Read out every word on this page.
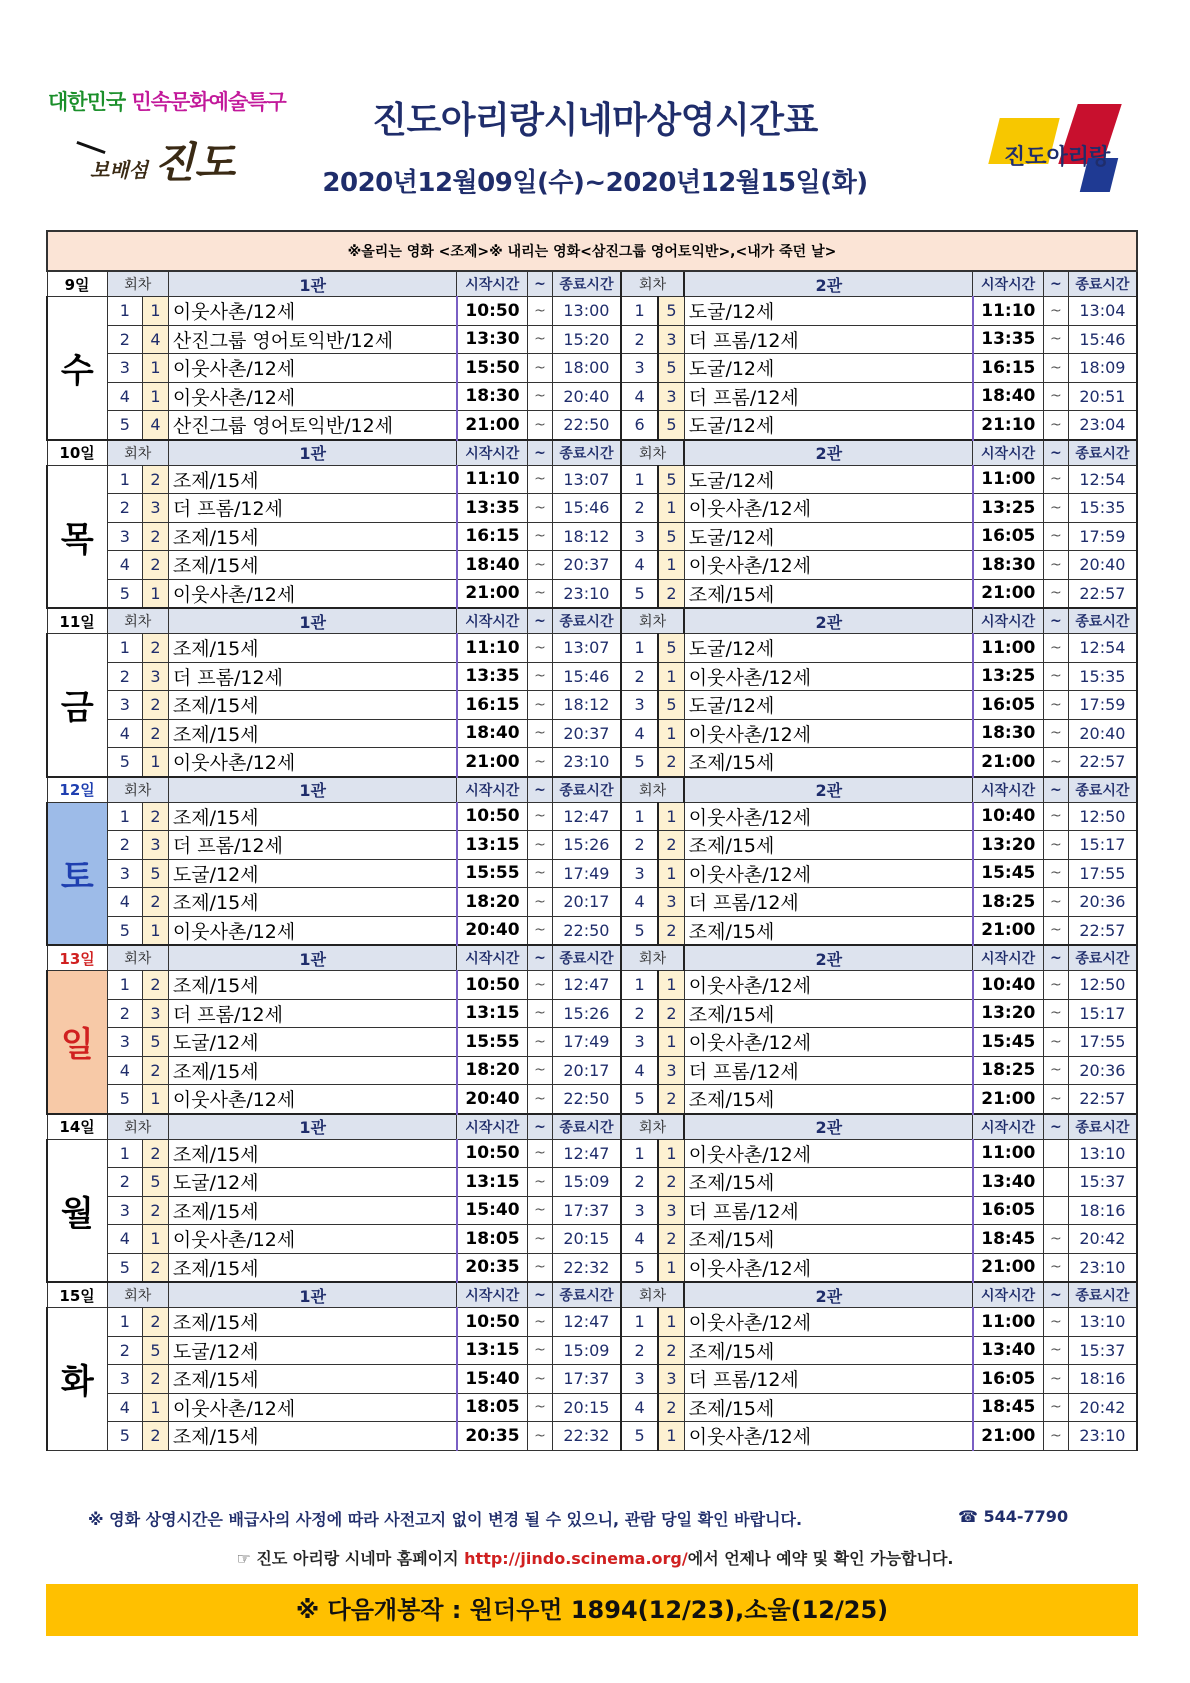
대한민국 민속문화예술특구
보배섬 진도
진도아리랑시네마상영시간표
2020년12월09일(수)~2020년12월15일(화)
진도아리랑
※올리는 영화 <조제>※ 내리는 영화<삼진그룹 영어토익반>,<내가 죽던 날>												
9일	회차		1관	시작시간	~	종료시간	회차		2관	시작시간	~	종료시간
수	1	1	이웃사촌/12세	10:50	~	13:00	1	5	도굴/12세	11:10	~	13:04
	2	4	산진그룹 영어토익반/12세	13:30	~	15:20	2	3	더 프롬/12세	13:35	~	15:46
	3	1	이웃사촌/12세	15:50	~	18:00	3	5	도굴/12세	16:15	~	18:09
	4	1	이웃사촌/12세	18:30	~	20:40	4	3	더 프롬/12세	18:40	~	20:51
	5	4	산진그룹 영어토익반/12세	21:00	~	22:50	6	5	도굴/12세	21:10	~	23:04
10일	회차		1관	시작시간	~	종료시간	회차		2관	시작시간	~	종료시간
목	1	2	조제/15세	11:10	~	13:07	1	5	도굴/12세	11:00	~	12:54
	2	3	더 프롬/12세	13:35	~	15:46	2	1	이웃사촌/12세	13:25	~	15:35
	3	2	조제/15세	16:15	~	18:12	3	5	도굴/12세	16:05	~	17:59
	4	2	조제/15세	18:40	~	20:37	4	1	이웃사촌/12세	18:30	~	20:40
	5	1	이웃사촌/12세	21:00	~	23:10	5	2	조제/15세	21:00	~	22:57
11일	회차		1관	시작시간	~	종료시간	회차		2관	시작시간	~	종료시간
금	1	2	조제/15세	11:10	~	13:07	1	5	도굴/12세	11:00	~	12:54
	2	3	더 프롬/12세	13:35	~	15:46	2	1	이웃사촌/12세	13:25	~	15:35
	3	2	조제/15세	16:15	~	18:12	3	5	도굴/12세	16:05	~	17:59
	4	2	조제/15세	18:40	~	20:37	4	1	이웃사촌/12세	18:30	~	20:40
	5	1	이웃사촌/12세	21:00	~	23:10	5	2	조제/15세	21:00	~	22:57
12일	회차		1관	시작시간	~	종료시간	회차		2관	시작시간	~	종료시간
토	1	2	조제/15세	10:50	~	12:47	1	1	이웃사촌/12세	10:40	~	12:50
	2	3	더 프롬/12세	13:15	~	15:26	2	2	조제/15세	13:20	~	15:17
	3	5	도굴/12세	15:55	~	17:49	3	1	이웃사촌/12세	15:45	~	17:55
	4	2	조제/15세	18:20	~	20:17	4	3	더 프롬/12세	18:25	~	20:36
	5	1	이웃사촌/12세	20:40	~	22:50	5	2	조제/15세	21:00	~	22:57
13일	회차		1관	시작시간	~	종료시간	회차		2관	시작시간	~	종료시간
일	1	2	조제/15세	10:50	~	12:47	1	1	이웃사촌/12세	10:40	~	12:50
	2	3	더 프롬/12세	13:15	~	15:26	2	2	조제/15세	13:20	~	15:17
	3	5	도굴/12세	15:55	~	17:49	3	1	이웃사촌/12세	15:45	~	17:55
	4	2	조제/15세	18:20	~	20:17	4	3	더 프롬/12세	18:25	~	20:36
	5	1	이웃사촌/12세	20:40	~	22:50	5	2	조제/15세	21:00	~	22:57
14일	회차		1관	시작시간	~	종료시간	회차		2관	시작시간	~	종료시간
월	1	2	조제/15세	10:50	~	12:47	1	1	이웃사촌/12세	11:00		13:10
	2	5	도굴/12세	13:15	~	15:09	2	2	조제/15세	13:40		15:37
	3	2	조제/15세	15:40	~	17:37	3	3	더 프롬/12세	16:05		18:16
	4	1	이웃사촌/12세	18:05	~	20:15	4	2	조제/15세	18:45	~	20:42
	5	2	조제/15세	20:35	~	22:32	5	1	이웃사촌/12세	21:00	~	23:10
15일	회차		1관	시작시간	~	종료시간	회차		2관	시작시간	~	종료시간
화	1	2	조제/15세	10:50	~	12:47	1	1	이웃사촌/12세	11:00	~	13:10
	2	5	도굴/12세	13:15	~	15:09	2	2	조제/15세	13:40	~	15:37
	3	2	조제/15세	15:40	~	17:37	3	3	더 프롬/12세	16:05	~	18:16
	4	1	이웃사촌/12세	18:05	~	20:15	4	2	조제/15세	18:45	~	20:42
	5	2	조제/15세	20:35	~	22:32	5	1	이웃사촌/12세	21:00	~	23:10
※ 영화 상영시간은 배급사의 사정에 따라 사전고지 없이 변경 될 수 있으니, 관람 당일 확인 바랍니다.	☎ 544-7790
☞ 진도 아리랑 시네마 홈페이지 http://jindo.scinema.org/에서 언제나 예약 및 확인 가능합니다.
※ 다음개봉작 : 원더우먼 1894(12/23),소울(12/25)
